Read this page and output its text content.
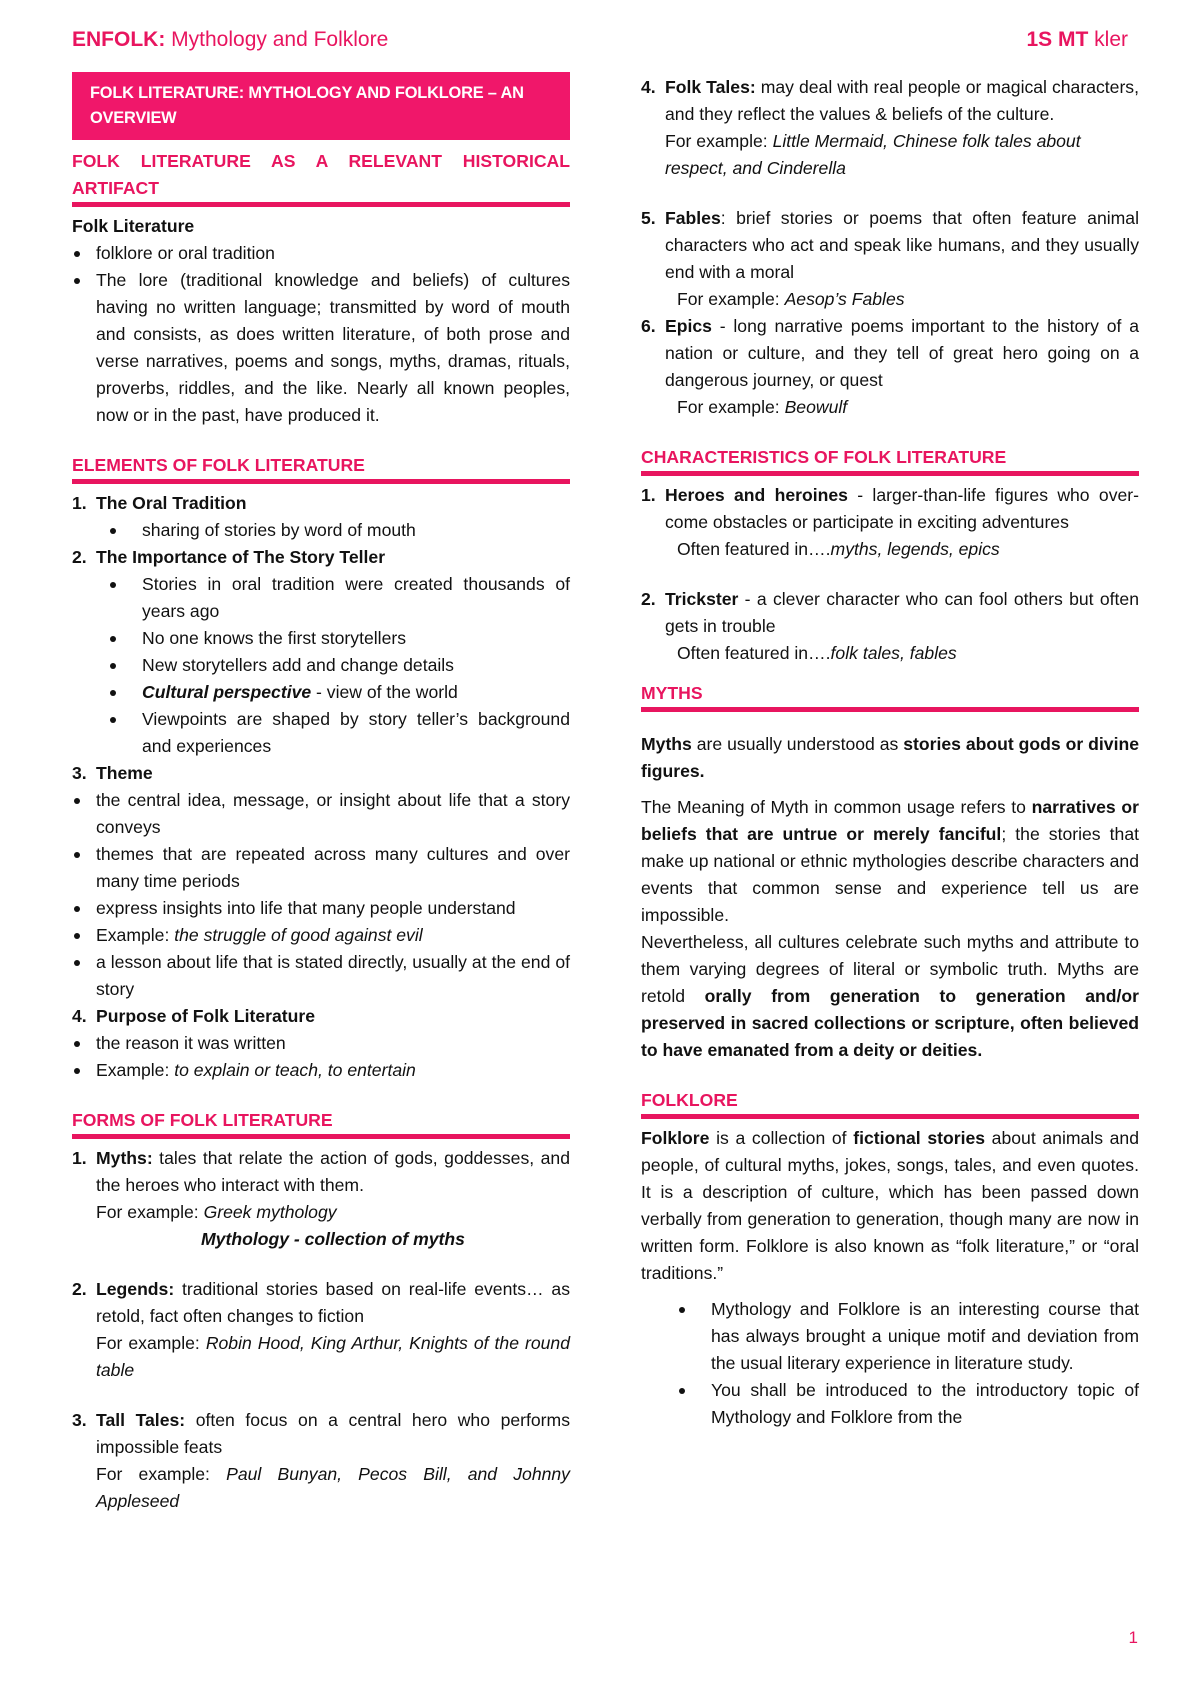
ENFOLK: Mythology and Folklore	1S MT kler
FOLK LITERATURE: MYTHOLOGY AND FOLKLORE – AN OVERVIEW
FOLK LITERATURE AS A RELEVANT HISTORICAL ARTIFACT

Folk Literature

folklore or oral tradition
The lore (traditional knowledge and beliefs) of cultures having no written language; transmitted by word of mouth and consists, as does written literature, of both prose and verse narratives, poems and songs, myths, dramas, rituals, proverbs, riddles, and the like. Nearly all known peoples, now or in the past, have produced it.
ELEMENTS OF FOLK LITERATURE
1. The Oral Tradition
sharing of stories by word of mouth
2. The Importance of The Story Teller
Stories in oral tradition were created thousands of years ago
No one knows the first storytellers
New storytellers add and change details
Cultural perspective - view of the world
Viewpoints are shaped by story teller’s background and experiences
3. Theme
the central idea, message, or insight about life that a story conveys
themes that are repeated across many cultures and over many time periods
express insights into life that many people understand
Example: the struggle of good against evil
a lesson about life that is stated directly, usually at the end of story
4. Purpose of Folk Literature
the reason it was written
Example: to explain or teach, to entertain
FORMS OF FOLK LITERATURE
1. Myths: tales that relate the action of gods, goddesses, and the heroes who interact with them.
For example: Greek mythology
Mythology - collection of myths
2. Legends: traditional stories based on real-life events… as retold, fact often changes to fiction
For example: Robin Hood, King Arthur, Knights of the round table
3. Tall Tales: often focus on a central hero who performs impossible feats
For example: Paul Bunyan, Pecos Bill, and Johnny Appleseed
4. Folk Tales: may deal with real people or magical characters, and they reflect the values & beliefs of the culture.
For example: Little Mermaid, Chinese folk tales about respect, and Cinderella
5. Fables: brief stories or poems that often feature animal characters who act and speak like humans, and they usually end with a moral
For example: Aesop’s Fables
6. Epics - long narrative poems important to the history of a nation or culture, and they tell of great hero going on a dangerous journey, or quest
For example: Beowulf
CHARACTERISTICS OF FOLK LITERATURE
1. Heroes and heroines - larger-than-life figures who over-come obstacles or participate in exciting adventures
Often featured in….myths, legends, epics
2. Trickster - a clever character who can fool others but often gets in trouble
Often featured in….folk tales, fables
MYTHS

Myths are usually understood as stories about gods or divine figures.

The Meaning of Myth in common usage refers to narratives or beliefs that are untrue or merely fanciful; the stories that make up national or ethnic mythologies describe characters and events that common sense and experience tell us are impossible.

Nevertheless, all cultures celebrate such myths and attribute to them varying degrees of literal or symbolic truth. Myths are retold orally from generation to generation and/or preserved in sacred collections or scripture, often believed to have emanated from a deity or deities.

FOLKLORE

Folklore is a collection of fictional stories about animals and people, of cultural myths, jokes, songs, tales, and even quotes. It is a description of culture, which has been passed down verbally from generation to generation, though many are now in written form. Folklore is also known as “folk literature,” or “oral traditions.”

Mythology and Folklore is an interesting course that has always brought a unique motif and deviation from the usual literary experience in literature study.
You shall be introduced to the introductory topic of Mythology and Folklore from the
1
